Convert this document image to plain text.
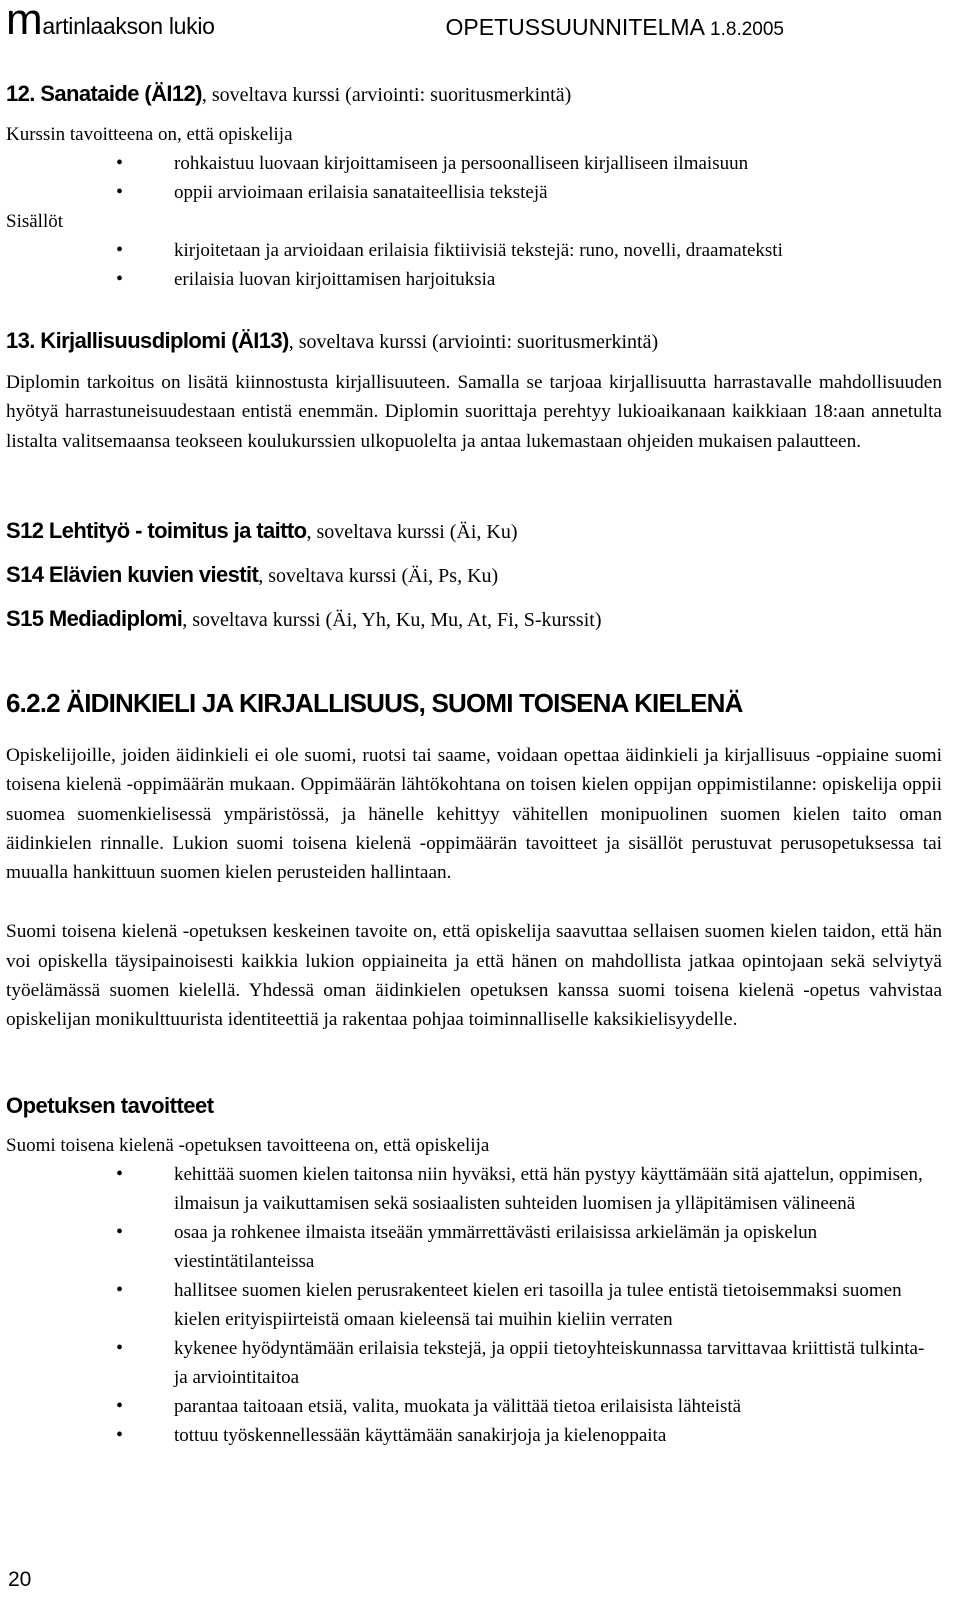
martinlaakson lukio	OPETUSSUUNNITELMA 1.8.2005
12. Sanataide (ÄI12), soveltava kurssi (arviointi: suoritusmerkintä)
Kurssin tavoitteena on, että opiskelija
•	rohkaistuu luovaan kirjoittamiseen ja persoonalliseen kirjalliseen ilmaisuun
•	oppii arvioimaan erilaisia sanataiteellisia tekstejä
Sisällöt
•	kirjoitetaan ja arvioidaan erilaisia fiktiivisiä tekstejä: runo, novelli, draamateksti
•	erilaisia luovan kirjoittamisen harjoituksia
13. Kirjallisuusdiplomi (ÄI13), soveltava kurssi (arviointi: suoritusmerkintä)

Diplomin tarkoitus on lisätä kiinnostusta kirjallisuuteen. Samalla se tarjoaa kirjallisuutta harrastavalle mahdollisuuden hyötyä harrastuneisuudestaan entistä enemmän. Diplomin suorittaja perehtyy lukioaikanaan kaikkiaan 18:aan annetulta listalta valitsemaansa teokseen koulukurssien ulkopuolelta ja antaa lukemastaan ohjeiden mukaisen palautteen.

S12 Lehtityö - toimitus ja taitto, soveltava kurssi (Äi, Ku)
S14 Elävien kuvien viestit, soveltava kurssi (Äi, Ps, Ku)
S15 Mediadiplomi, soveltava kurssi (Äi, Yh, Ku, Mu, At, Fi, S-kurssit)
6.2.2 ÄIDINKIELI JA KIRJALLISUUS, SUOMI TOISENA KIELENÄ

Opiskelijoille, joiden äidinkieli ei ole suomi, ruotsi tai saame, voidaan opettaa äidinkieli ja kirjallisuus -oppiaine suomi toisena kielenä -oppimäärän mukaan. Oppimäärän lähtökohtana on toisen kielen oppijan oppimistilanne: opiskelija oppii suomea suomenkielisessä ympäristössä, ja hänelle kehittyy vähitellen monipuolinen suomen kielen taito oman äidinkielen rinnalle. Lukion suomi toisena kielenä -oppimäärän tavoitteet ja sisällöt perustuvat perusopetuksessa tai muualla hankittuun suomen kielen perusteiden hallintaan.

Suomi toisena kielenä -opetuksen keskeinen tavoite on, että opiskelija saavuttaa sellaisen suomen kielen taidon, että hän voi opiskella täysipainoisesti kaikkia lukion oppiaineita ja että hänen on mahdollista jatkaa opintojaan sekä selviytyä työelämässä suomen kielellä. Yhdessä oman äidinkielen opetuksen kanssa suomi toisena kielenä -opetus vahvistaa opiskelijan monikulttuurista identiteettiä ja rakentaa pohjaa toiminnalliselle kaksikielisyydelle.

Opetuksen tavoitteet
Suomi toisena kielenä -opetuksen tavoitteena on, että opiskelija
•	kehittää suomen kielen taitonsa niin hyväksi, että hän pystyy käyttämään sitä ajattelun, oppimisen, ilmaisun ja vaikuttamisen sekä sosiaalisten suhteiden luomisen ja ylläpitämisen välineenä
•	osaa ja rohkenee ilmaista itseään ymmärrettävästi erilaisissa arkielämän ja opiskelun viestintätilanteissa
•	hallitsee suomen kielen perusrakenteet kielen eri tasoilla ja tulee entistä tietoisemmaksi suomen kielen erityispiirteistä omaan kieleensä tai muihin kieliin verraten
•	kykenee hyödyntämään erilaisia tekstejä, ja oppii tietoyhteiskunnassa tarvittavaa kriittistä tulkinta- ja arviointitaitoa
•	parantaa taitoaan etsiä, valita, muokata ja välittää tietoa erilaisista lähteistä
•	tottuu työskennellessään käyttämään sanakirjoja ja kielenoppaita
20
